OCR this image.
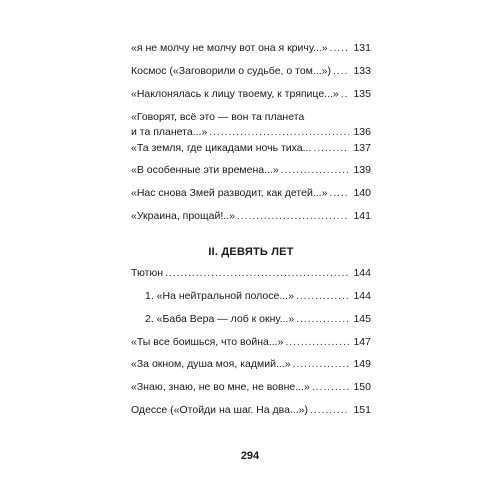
«я не молчу не молчу вот она я кричу...» . . . 131
Космос («Заговорили о судьбе, о том...») . . . 133
«Наклонялась к лицу твоему, к тряпице...» . . . 135
«Говорят, всё это — вон та планета
и та планета...» . . .	136
«Та земля, где цикадами ночь тиха... . . .	137
«В особенные эти времена...» . . .	139
«Нас снова Змей разводит, как детей...» . . . 140
«Украина, прощай!..» . . .	141
II. ДЕВЯТЬ ЛЕТ
Тютюн . . .	144
1. «На нейтральной полосе...» . . .	144
2. «Баба Вера — лоб к окну...» . . .	145
«Ты все боишься, что война...» . . .	147
«За окном, душа моя, кадмий...» . . .	149
«Знаю, знаю, не во мне, не вовне...» . . .	150
Одессе («Отойди на шаг. На два...») . . .	151
294
